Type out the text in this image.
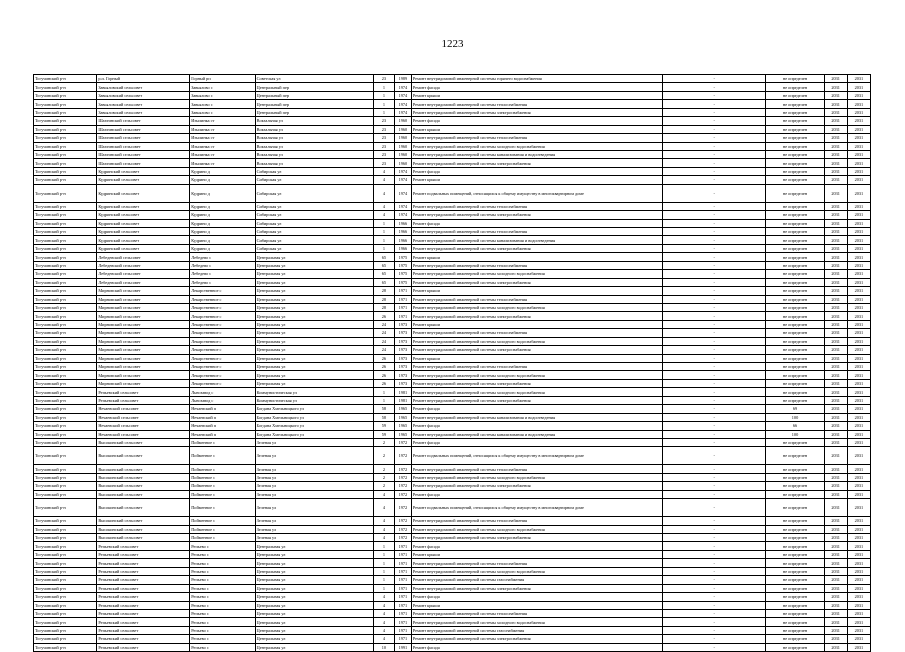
1223
Тогучинский р-н	р.п. Горный	Горный рп	Советская ул	23	1989	Ремонт внутридомовой инженерной системы горячего водоснабжения	-	не определен	2031	2031
Тогучинский р-н	Завьяловский сельсовет	Завьялово с	Центральный пер	1	1974	Ремонт фасада	-	не определен	2031	2031
Тогучинский р-н	Завьяловский сельсовет	Завьялово с	Центральный пер	1	1974	Ремонт крыши	-	не определен	2031	2031
Тогучинский р-н	Завьяловский сельсовет	Завьялово с	Центральный пер	1	1974	Ремонт внутридомовой инженерной системы теплоснабжения	-	не определен	2031	2031
Тогучинский р-н	Завьяловский сельсовет	Завьялово с	Центральный пер	1	1974	Ремонт внутридомовой инженерной системы электроснабжения	-	не определен	2031	2031
Тогучинский р-н	Шахтинский сельсовет	Изылинка ст	Вокзальная ул	23	1960	Ремонт фасада	-	не определен	2031	2031
Тогучинский р-н	Шахтинский сельсовет	Изылинка ст	Вокзальная ул	23	1960	Ремонт крыши	-	не определен	2031	2031
Тогучинский р-н	Шахтинский сельсовет	Изылинка ст	Вокзальная ул	23	1960	Ремонт внутридомовой инженерной системы теплоснабжения	-	не определен	2031	2031
Тогучинский р-н	Шахтинский сельсовет	Изылинка ст	Вокзальная ул	23	1960	Ремонт внутридомовой инженерной системы холодного водоснабжения	-	не определен	2031	2031
Тогучинский р-н	Шахтинский сельсовет	Изылинка ст	Вокзальная ул	23	1960	Ремонт внутридомовой инженерной системы канализования и водоотведения	-	не определен	2031	2031
Тогучинский р-н	Шахтинский сельсовет	Изылинка ст	Вокзальная ул	23	1960	Ремонт внутридомовой инженерной системы электроснабжения	-	не определен	2031	2031
Тогучинский р-н	Кудринский сельсовет	Кудрино д	Сибирская ул	4	1974	Ремонт фасада	-	не определен	2031	2031
Тогучинский р-н	Кудринский сельсовет	Кудрино д	Сибирская ул	4	1974	Ремонт крыши	-	не определен	2031	2031
Тогучинский р-н	Кудринский сельсовет	Кудрино д	Сибирская ул	4	1974	Ремонт подвальных помещений, относящихся к общему имуществу в многоквартирном доме	-	не определен	2031	2031
Тогучинский р-н	Кудринский сельсовет	Кудрино д	Сибирская ул	4	1974	Ремонт внутридомовой инженерной системы теплоснабжения	-	не определен	2031	2031
Тогучинский р-н	Кудринский сельсовет	Кудрино д	Сибирская ул	4	1974	Ремонт внутридомовой инженерной системы электроснабжения	-	не определен	2031	2031
Тогучинский р-н	Кудринский сельсовет	Кудрино д	Сибирская ул	1	1966	Ремонт фасада	-	не определен	2031	2031
Тогучинский р-н	Кудринский сельсовет	Кудрино д	Сибирская ул	1	1966	Ремонт внутридомовой инженерной системы теплоснабжения	-	не определен	2031	2031
Тогучинский р-н	Кудринский сельсовет	Кудрино д	Сибирская ул	1	1966	Ремонт внутридомовой инженерной системы канализования и водоотведения	-	не определен	2031	2031
Тогучинский р-н	Кудринский сельсовет	Кудрино д	Сибирская ул	1	1966	Ремонт внутридомовой инженерной системы электроснабжения	-	не определен	2031	2031
Тогучинский р-н	Лебедевский сельсовет	Лебедево с	Центральная ул	65	1975	Ремонт крыши	-	не определен	2031	2031
Тогучинский р-н	Лебедевский сельсовет	Лебедево с	Центральная ул	65	1975	Ремонт внутридомовой инженерной системы теплоснабжения	-	не определен	2031	2031
Тогучинский р-н	Лебедевский сельсовет	Лебедево с	Центральная ул	65	1975	Ремонт внутридомовой инженерной системы холодного водоснабжения	-	не определен	2031	2031
Тогучинский р-н	Лебедевский сельсовет	Лебедево с	Центральная ул	65	1975	Ремонт внутридомовой инженерной системы электроснабжения	-	не определен	2031	2031
Тогучинский р-н	Мирновский сельсовет	Лекарственное с	Центральная ул	28	1971	Ремонт крыши	-	не определен	2031	2031
Тогучинский р-н	Мирновский сельсовет	Лекарственное с	Центральная ул	28	1971	Ремонт внутридомовой инженерной системы теплоснабжения	-	не определен	2031	2031
Тогучинский р-н	Мирновский сельсовет	Лекарственное с	Центральная ул	28	1971	Ремонт внутридомовой инженерной системы холодного водоснабжения	-	не определен	2031	2031
Тогучинский р-н	Мирновский сельсовет	Лекарственное с	Центральная ул	26	1971	Ремонт внутридомовой инженерной системы электроснабжения	-	не определен	2031	2031
Тогучинский р-н	Мирновский сельсовет	Лекарственное с	Центральная ул	24	1973	Ремонт крыши	-	не определен	2031	2031
Тогучинский р-н	Мирновский сельсовет	Лекарственное с	Центральная ул	24	1973	Ремонт внутридомовой инженерной системы теплоснабжения	-	не определен	2031	2031
Тогучинский р-н	Мирновский сельсовет	Лекарственное с	Центральная ул	24	1973	Ремонт внутридомовой инженерной системы холодного водоснабжения	-	не определен	2031	2031
Тогучинский р-н	Мирновский сельсовет	Лекарственное с	Центральная ул	24	1973	Ремонт внутридомовой инженерной системы электроснабжения	-	не определен	2031	2031
Тогучинский р-н	Мирновский сельсовет	Лекарственное с	Центральная ул	26	1973	Ремонт крыши	-	не определен	2031	2031
Тогучинский р-н	Мирновский сельсовет	Лекарственное с	Центральная ул	26	1973	Ремонт внутридомовой инженерной системы теплоснабжения	-	не определен	2031	2031
Тогучинский р-н	Мирновский сельсовет	Лекарственное с	Центральная ул	26	1973	Ремонт внутридомовой инженерной системы холодного водоснабжения	-	не определен	2031	2031
Тогучинский р-н	Мирновский сельсовет	Лекарственное с	Центральная ул	26	1973	Ремонт внутридомовой инженерной системы электроснабжения	-	не определен	2031	2031
Тогучинский р-н	Репьевский сельсовет	Льнозавод с	Коммунистическая ул	1	1981	Ремонт внутридомовой инженерной системы холодного водоснабжения	-	не определен	2031	2031
Тогучинский р-н	Репьевский сельсовет	Льнозавод с	Коммунистическая ул	1	1981	Ремонт внутридомовой инженерной системы электроснабжения	-	не определен	2031	2031
Тогучинский р-н	Нечаевский сельсовет	Нечаевский п	Богдана Хмельницкого ул	58	1965	Ремонт фасада	-	69	2031	2031
Тогучинский р-н	Нечаевский сельсовет	Нечаевский п	Богдана Хмельницкого ул	58	1965	Ремонт внутридомовой инженерной системы канализования и водоотведения	-	100	2031	2031
Тогучинский р-н	Нечаевский сельсовет	Нечаевский п	Богдана Хмельницкого ул	59	1965	Ремонт фасада	-	66	2031	2031
Тогучинский р-н	Нечаевский сельсовет	Нечаевский п	Богдана Хмельницкого ул	59	1965	Ремонт внутридомовой инженерной системы канализования и водоотведения	-	100	2031	2031
Тогучинский р-н	Высокинский сельсовет	Пойменное с	Зеленая ул	2	1972	Ремонт фасада	-	не определен	2031	2031
Тогучинский р-н	Высокинский сельсовет	Пойменное с	Зеленая ул	2	1972	Ремонт подвальных помещений, относящихся к общему имуществу в многоквартирном доме	-	не определен	2031	2031
Тогучинский р-н	Высокинский сельсовет	Пойменное с	Зеленая ул	2	1972	Ремонт внутридомовой инженерной системы теплоснабжения	-	не определен	2031	2031
Тогучинский р-н	Высокинский сельсовет	Пойменное с	Зеленая ул	2	1972	Ремонт внутридомовой инженерной системы холодного водоснабжения	-	не определен	2031	2031
Тогучинский р-н	Высокинский сельсовет	Пойменное с	Зеленая ул	2	1972	Ремонт внутридомовой инженерной системы электроснабжения	-	не определен	2031	2031
Тогучинский р-н	Высокинский сельсовет	Пойменное с	Зеленая ул	4	1972	Ремонт фасада	-	не определен	2031	2031
Тогучинский р-н	Высокинский сельсовет	Пойменное с	Зеленая ул	4	1972	Ремонт подвальных помещений, относящихся к общему имуществу в многоквартирном доме	-	не определен	2031	2031
Тогучинский р-н	Высокинский сельсовет	Пойменное с	Зеленая ул	4	1972	Ремонт внутридомовой инженерной системы теплоснабжения	-	не определен	2031	2031
Тогучинский р-н	Высокинский сельсовет	Пойменное с	Зеленая ул	4	1972	Ремонт внутридомовой инженерной системы холодного водоснабжения	-	не определен	2031	2031
Тогучинский р-н	Высокинский сельсовет	Пойменное с	Зеленая ул	4	1972	Ремонт внутридомовой инженерной системы электроснабжения	-	не определен	2031	2031
Тогучинский р-н	Репьевский сельсовет	Репьево с	Центральная ул	1	1971	Ремонт фасада	-	не определен	2031	2031
Тогучинский р-н	Репьевский сельсовет	Репьево с	Центральная ул	1	1971	Ремонт крыши	-	не определен	2031	2031
Тогучинский р-н	Репьевский сельсовет	Репьево с	Центральная ул	1	1971	Ремонт внутридомовой инженерной системы теплоснабжения	-	не определен	2031	2031
Тогучинский р-н	Репьевский сельсовет	Репьево с	Центральная ул	1	1971	Ремонт внутридомовой инженерной системы холодного водоснабжения	-	не определен	2031	2031
Тогучинский р-н	Репьевский сельсовет	Репьево с	Центральная ул	1	1971	Ремонт внутридомовой инженерной системы газоснабжения	-	не определен	2031	2031
Тогучинский р-н	Репьевский сельсовет	Репьево с	Центральная ул	1	1971	Ремонт внутридомовой инженерной системы электроснабжения	-	не определен	2031	2031
Тогучинский р-н	Репьевский сельсовет	Репьево с	Центральная ул	4	1971	Ремонт фасада	-	не определен	2031	2031
Тогучинский р-н	Репьевский сельсовет	Репьево с	Центральная ул	4	1971	Ремонт крыши	-	не определен	2031	2031
Тогучинский р-н	Репьевский сельсовет	Репьево с	Центральная ул	4	1971	Ремонт внутридомовой инженерной системы теплоснабжения	-	не определен	2031	2031
Тогучинский р-н	Репьевский сельсовет	Репьево с	Центральная ул	4	1971	Ремонт внутридомовой инженерной системы холодного водоснабжения	-	не определен	2031	2031
Тогучинский р-н	Репьевский сельсовет	Репьево с	Центральная ул	4	1971	Ремонт внутридомовой инженерной системы газоснабжения	-	не определен	2031	2031
Тогучинский р-н	Репьевский сельсовет	Репьево с	Центральная ул	4	1971	Ремонт внутридомовой инженерной системы электроснабжения	-	не определен	2031	2031
Тогучинский р-н	Репьевский сельсовет	Репьево с	Центральная ул	10	1991	Ремонт фасада	-	не определен	2031	2031
